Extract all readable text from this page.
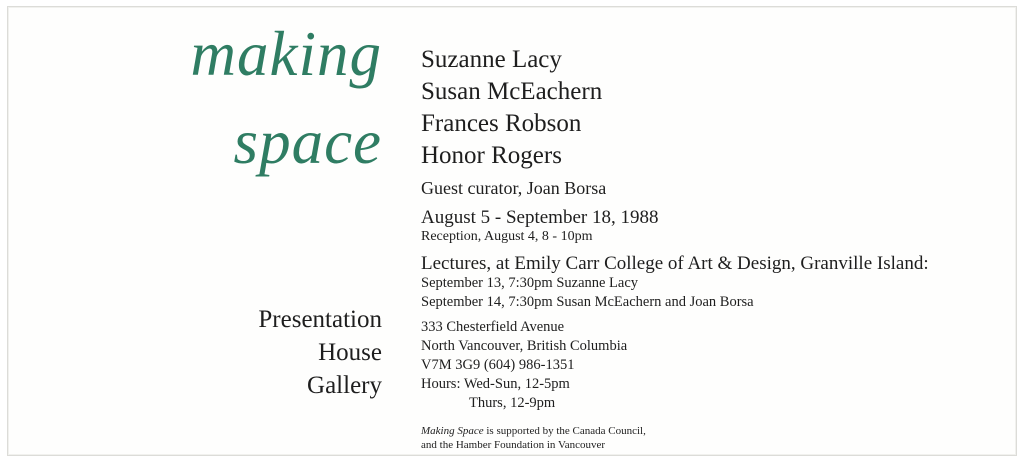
making
space
Presentation
House
Gallery
Suzanne Lacy
Susan McEachern
Frances Robson
Honor Rogers
Guest curator, Joan Borsa
August 5 - September 18, 1988
Reception, August 4, 8 - 10pm
Lectures, at Emily Carr College of Art & Design, Granville Island:
September 13, 7:30pm Suzanne Lacy
September 14, 7:30pm Susan McEachern and Joan Borsa
333 Chesterfield Avenue
North Vancouver, British Columbia
V7M 3G9 (604) 986-1351
Hours: Wed-Sun, 12-5pm
Thurs, 12-9pm
Making Space is supported by the Canada Council,
and the Hamber Foundation in Vancouver
